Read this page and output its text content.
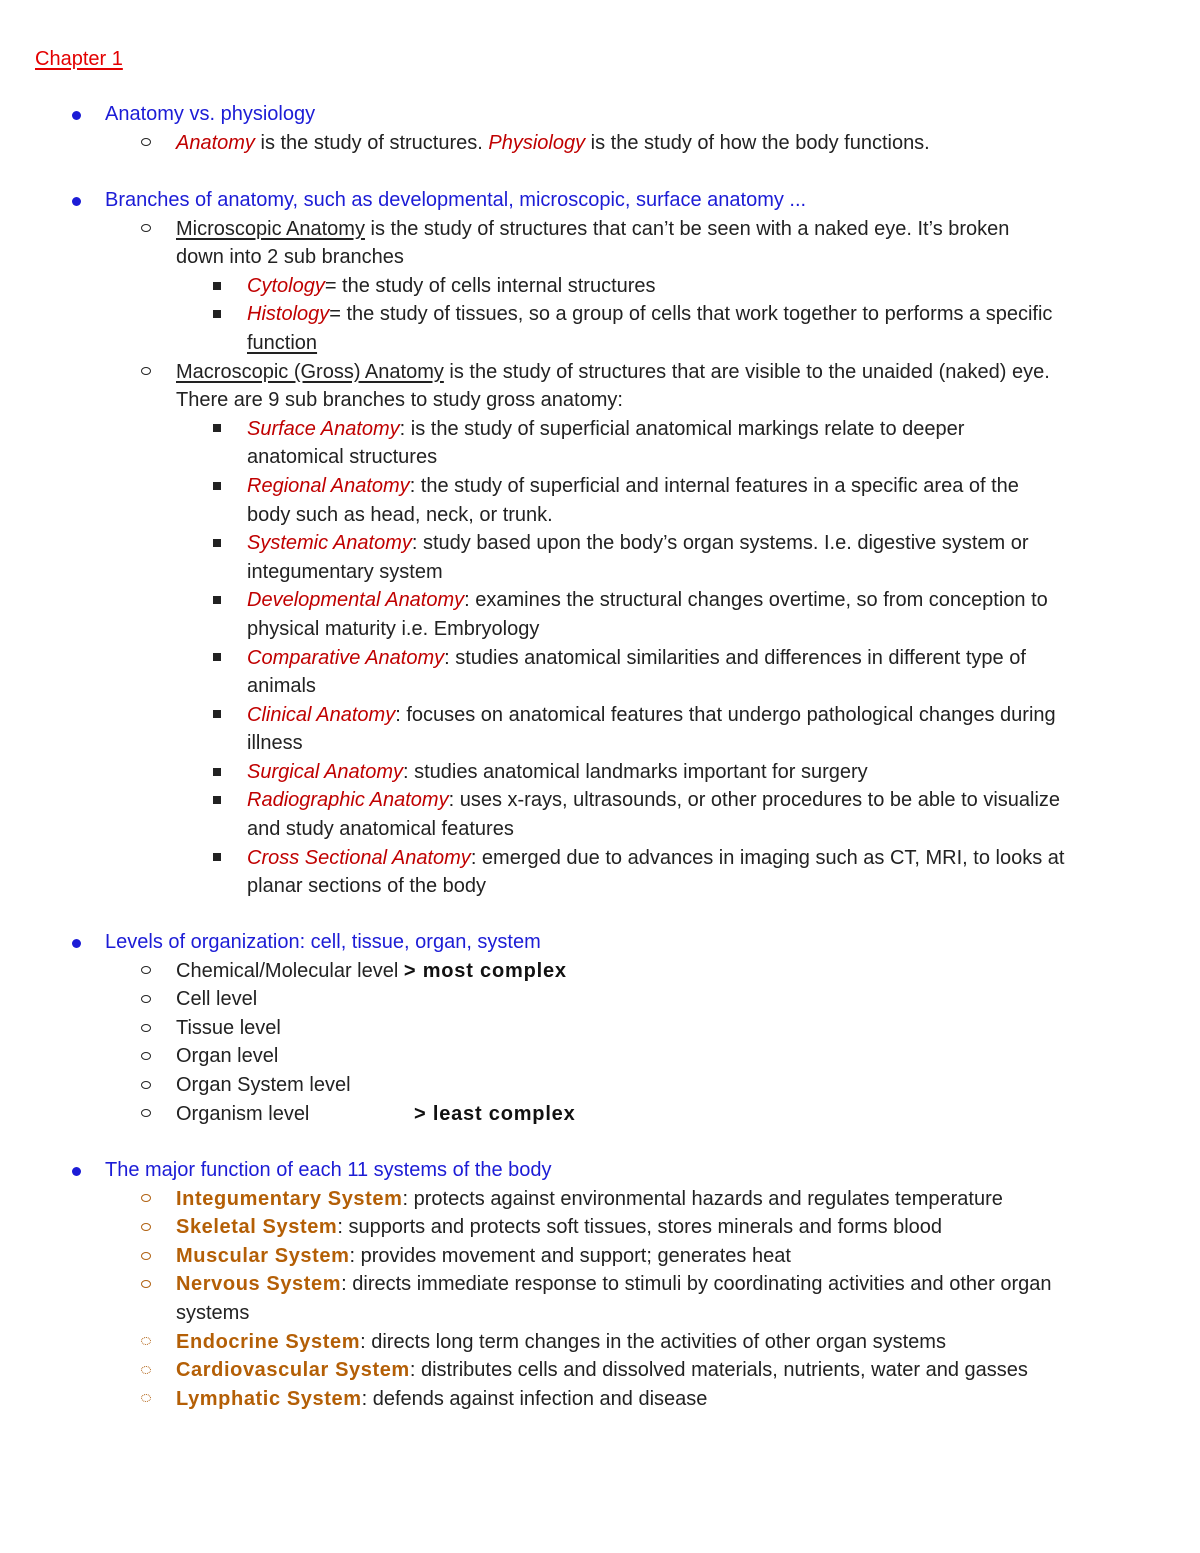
Chapter 1
Anatomy vs. physiology
Anatomy is the study of structures. Physiology is the study of how the body functions.
Branches of anatomy, such as developmental, microscopic, surface anatomy ...
Microscopic Anatomy is the study of structures that can’t be seen with a naked eye. It’s broken
down into 2 sub branches
Cytology= the study of cells internal structures
Histology= the study of tissues, so a group of cells that work together to performs a specific
function
Macroscopic (Gross) Anatomy is the study of structures that are visible to the unaided (naked) eye.
There are 9 sub branches to study gross anatomy:
Surface Anatomy: is the study of superficial anatomical markings relate to deeper
anatomical structures
Regional Anatomy: the study of superficial and internal features in a specific area of the
body such as head, neck, or trunk.
Systemic Anatomy: study based upon the body’s organ systems. I.e. digestive system or
integumentary system
Developmental Anatomy: examines the structural changes overtime, so from conception to
physical maturity i.e. Embryology
Comparative Anatomy: studies anatomical similarities and differences in different type of
animals
Clinical Anatomy: focuses on anatomical features that undergo pathological changes during
illness
Surgical Anatomy: studies anatomical landmarks important for surgery
Radiographic Anatomy: uses x-rays, ultrasounds, or other procedures to be able to visualize
and study anatomical features
Cross Sectional Anatomy: emerged due to advances in imaging such as CT, MRI, to looks at
planar sections of the body
Levels of organization: cell, tissue, organ, system
Chemical/Molecular level > most complex
Cell level
Tissue level
Organ level
Organ System level
Organism level	> least complex
The major function of each 11 systems of the body
Integumentary System: protects against environmental hazards and regulates temperature
Skeletal System: supports and protects soft tissues, stores minerals and forms blood
Muscular System: provides movement and support; generates heat
Nervous System: directs immediate response to stimuli by coordinating activities and other organ
systems
Endocrine System: directs long term changes in the activities of other organ systems
Cardiovascular System: distributes cells and dissolved materials, nutrients, water and gasses
Lymphatic System: defends against infection and disease
